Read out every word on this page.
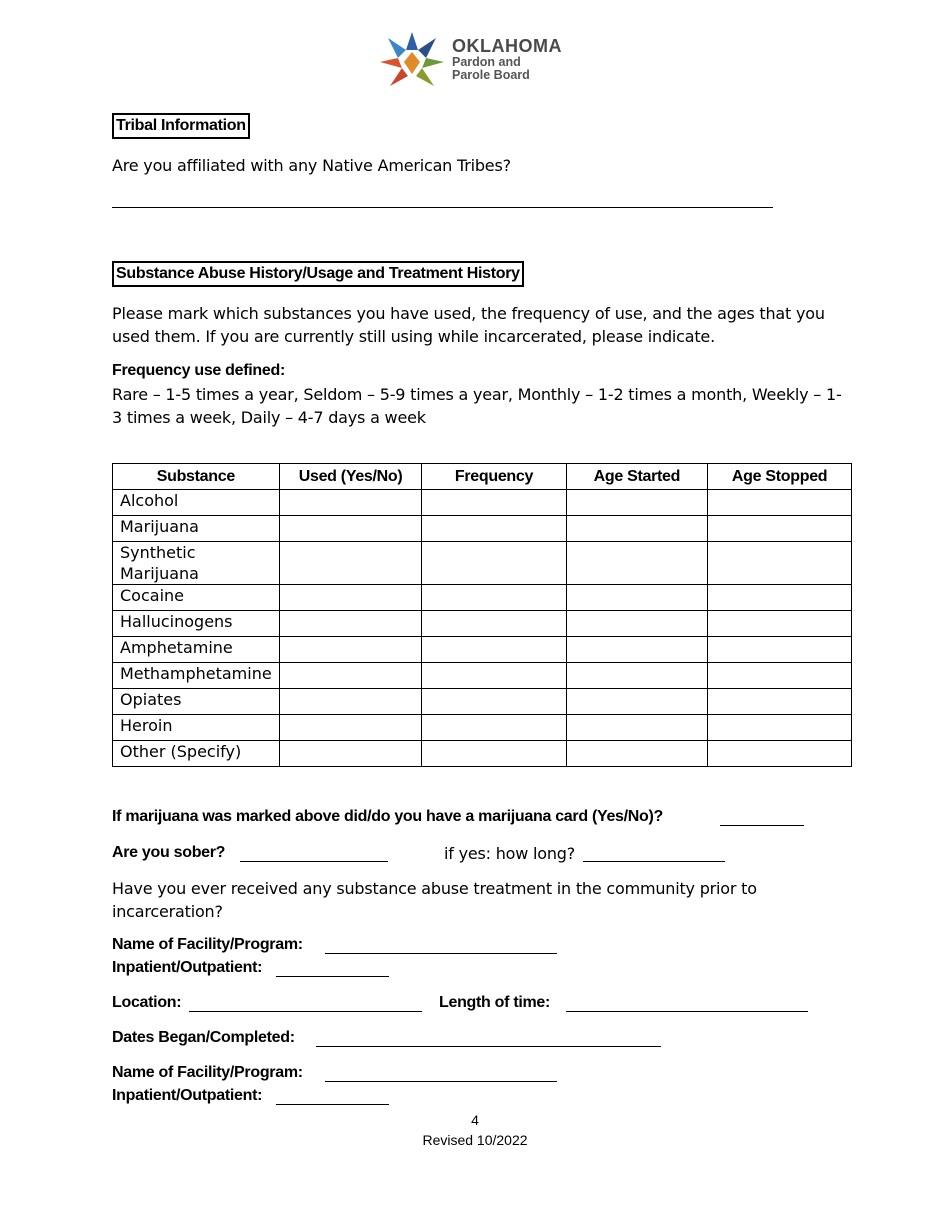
OKLAHOMA
Pardon and
Parole Board
Tribal Information
Are you affiliated with any Native American Tribes?
Substance Abuse History/Usage and Treatment History
Please mark which substances you have used, the frequency of use, and the ages that you used them. If you are currently still using while incarcerated, please indicate.
Frequency use defined:
Rare – 1-5 times a year, Seldom – 5-9 times a year, Monthly – 1-2 times a month, Weekly – 1-3 times a week, Daily – 4-7 days a week
Substance	Used (Yes/No)	Frequency	Age Started	Age Stopped
Alcohol				
Marijuana				
Synthetic Marijuana				
Cocaine				
Hallucinogens				
Amphetamine				
Methamphetamine				
Opiates				
Heroin				
Other (Specify)				
If marijuana was marked above did/do you have a marijuana card (Yes/No)?
Are you sober?	if yes: how long?
Have you ever received any substance abuse treatment in the community prior to incarceration?
Name of Facility/Program:
Inpatient/Outpatient:
Location:	Length of time:
Dates Began/Completed:
Name of Facility/Program:
Inpatient/Outpatient:
4
Revised 10/2022
